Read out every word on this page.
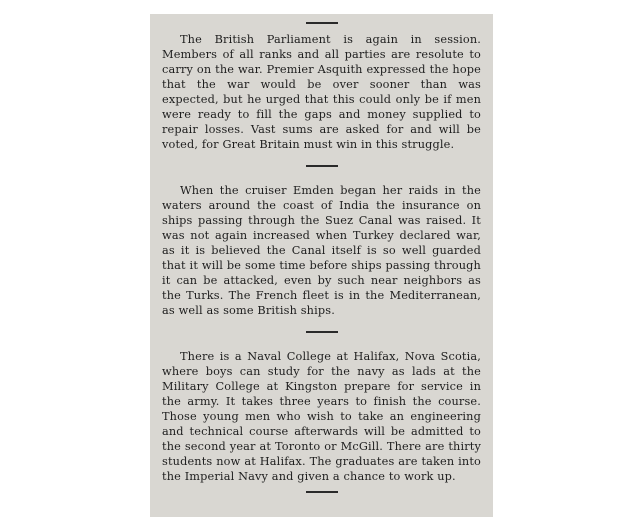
The British Parliament is again in session. Members of all ranks and all parties are resolute to carry on the war. Premier Asquith expressed the hope that the war would be over sooner than was expected, but he urged that this could only be if men were ready to fill the gaps and money supplied to repair losses. Vast sums are asked for and will be voted, for Great Britain must win in this struggle.

When the cruiser Emden began her raids in the waters around the coast of India the insurance on ships passing through the Suez Canal was raised. It was not again increased when Turkey declared war, as it is believed the Canal itself is so well guarded that it will be some time before ships passing through it can be attacked, even by such near neighbors as the Turks. The French fleet is in the Mediterranean, as well as some British ships.

There is a Naval College at Halifax, Nova Scotia, where boys can study for the navy as lads at the Military College at Kingston prepare for service in the army. It takes three years to finish the course. Those young men who wish to take an engineering and technical course afterwards will be admitted to the second year at Toronto or McGill. There are thirty students now at Halifax. The graduates are taken into the Imperial Navy and given a chance to work up.
